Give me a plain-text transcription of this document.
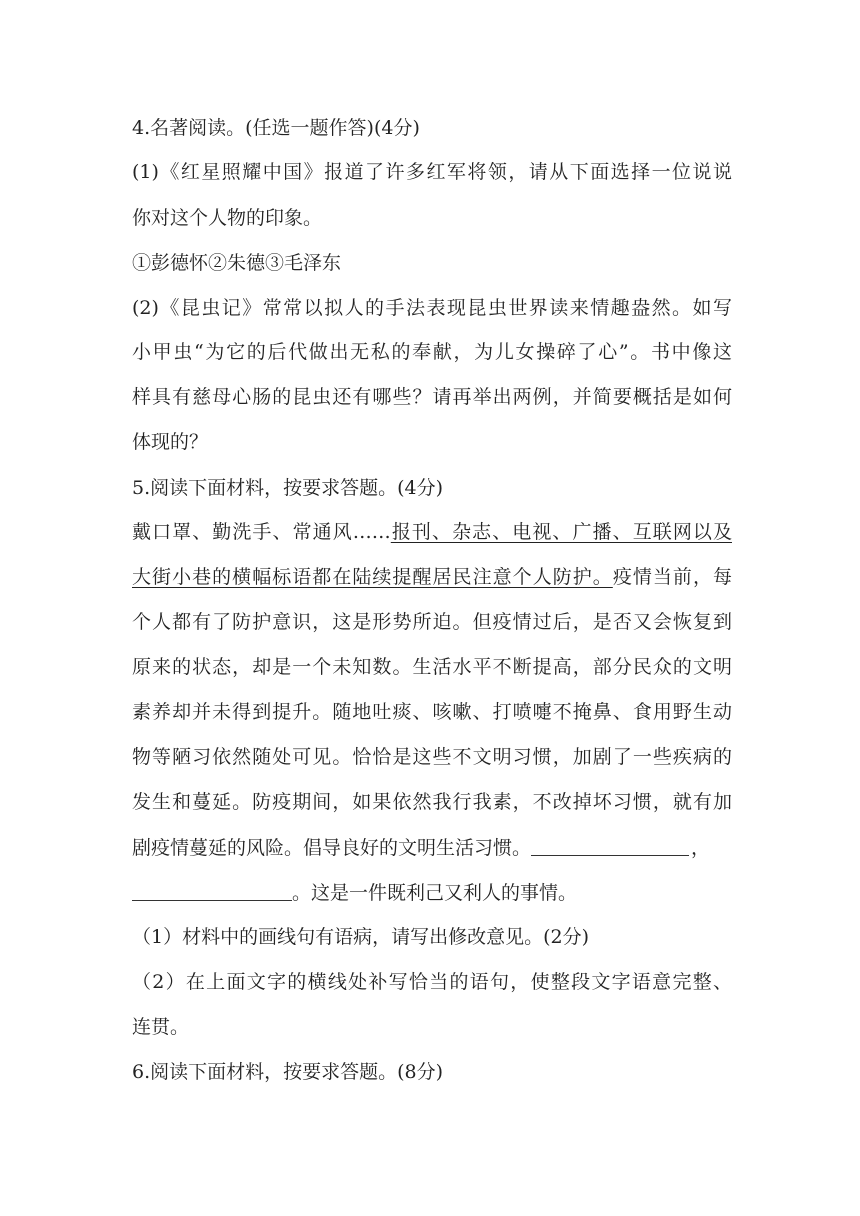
4.名著阅读。(任选一题作答)(4分)
(1)《红星照耀中国》报道了许多红军将领，请从下面选择一位说说
你对这个人物的印象。
①彭德怀②朱德③毛泽东
(2)《昆虫记》常常以拟人的手法表现昆虫世界读来情趣盎然。如写
小甲虫“为它的后代做出无私的奉献，为儿女操碎了心”。书中像这
样具有慈母心肠的昆虫还有哪些？请再举出两例，并简要概括是如何
体现的？
5.阅读下面材料，按要求答题。(4分)
戴口罩、勤洗手、常通风……报刊、杂志、电视、广播、互联网以及
大街小巷的横幅标语都在陆续提醒居民注意个人防护。疫情当前，每
个人都有了防护意识，这是形势所迫。但疫情过后，是否又会恢复到
原来的状态，却是一个未知数。生活水平不断提高，部分民众的文明
素养却并未得到提升。随地吐痰、咳嗽、打喷嚏不掩鼻、食用野生动
物等陋习依然随处可见。恰恰是这些不文明习惯，加剧了一些疾病的
发生和蔓延。防疫期间，如果依然我行我素，不改掉坏习惯，就有加
剧疫情蔓延的风险。倡导良好的文明生活习惯。	，
。这是一件既利己又利人的事情。
（1）材料中的画线句有语病，请写出修改意见。(2分)
（2）在上面文字的横线处补写恰当的语句，使整段文字语意完整、
连贯。
6.阅读下面材料，按要求答题。(8分)
